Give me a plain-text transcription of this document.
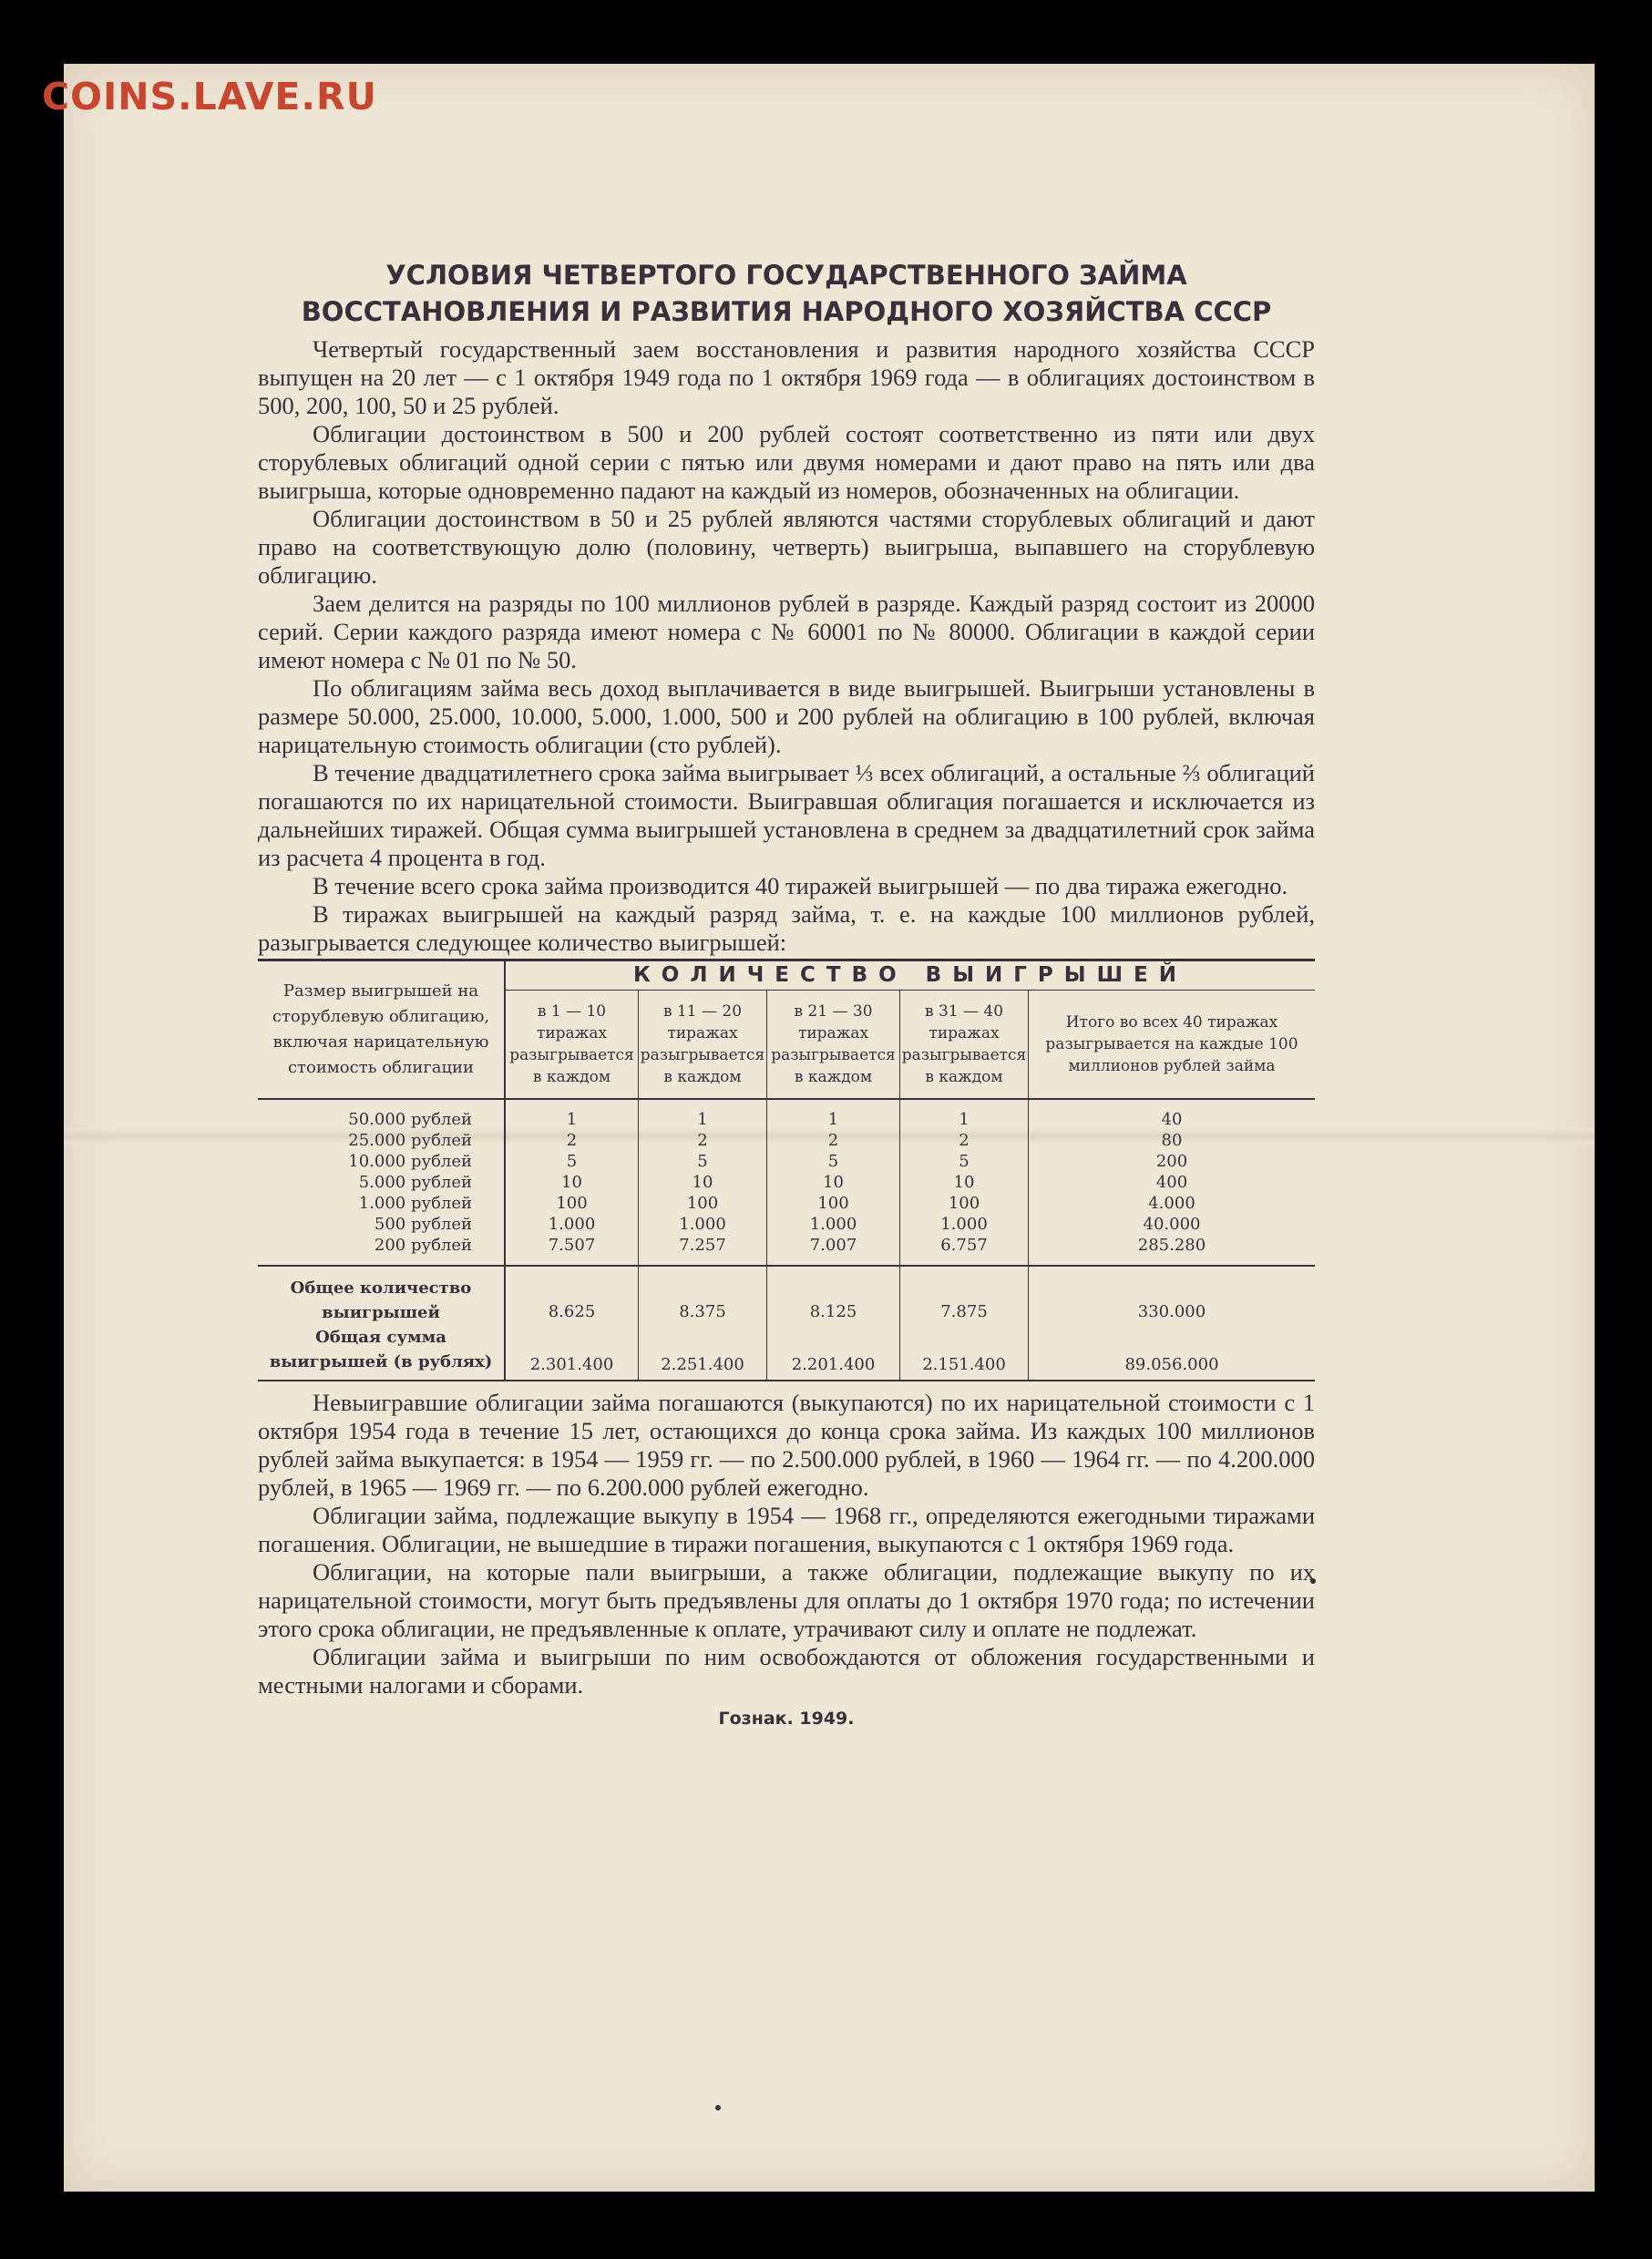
COINS.LAVE.RU
УСЛОВИЯ ЧЕТВЕРТОГО ГОСУДАРСТВЕННОГО ЗАЙМА
ВОССТАНОВЛЕНИЯ И РАЗВИТИЯ НАРОДНОГО ХОЗЯЙСТВА СССР

Четвертый государственный заем восстановления и развития народного хозяйства СССР выпущен на 20 лет — с 1 октября 1949 года по 1 октября 1969 года — в облигациях достоинством в 500, 200, 100, 50 и 25 рублей.

Облигации достоинством в 500 и 200 рублей состоят соответственно из пяти или двух сторублевых облигаций одной серии с пятью или двумя номерами и дают право на пять или два выигрыша, которые одновременно падают на каждый из номеров, обозначенных на облигации.

Облигации достоинством в 50 и 25 рублей являются частями сторублевых облигаций и дают право на соответствующую долю (половину, четверть) выигрыша, выпавшего на сторублевую облигацию.

Заем делится на разряды по 100 миллионов рублей в разряде. Каждый разряд состоит из 20000 серий. Серии каждого разряда имеют номера с № 60001 по № 80000. Облигации в каждой серии имеют номера с № 01 по № 50.

По облигациям займа весь доход выплачивается в виде выигрышей. Выигрыши установлены в размере 50.000, 25.000, 10.000, 5.000, 1.000, 500 и 200 рублей на облигацию в 100 рублей, включая нарицательную стоимость облигации (сто рублей).

В течение двадцатилетнего срока займа выигрывает ⅓ всех облигаций, а остальные ⅔ облигаций погашаются по их нарицательной стоимости. Выигравшая облигация погашается и исключается из дальнейших тиражей. Общая сумма выигрышей установлена в среднем за двадцатилетний срок займа из расчета 4 процента в год.

В течение всего срока займа производится 40 тиражей выигрышей — по два тиража ежегодно.

В тиражах выигрышей на каждый разряд займа, т. е. на каждые 100 миллионов рублей, разыгрывается следующее количество выигрышей:

Размер выигрышей на сторублевую облигацию, включая нарицательную стоимость облигации	КОЛИЧЕСТВО ВЫИГРЫШЕЙ				
	в 1 — 10 тиражах разыгрывается в каждом	в 11 — 20 тиражах разыгрывается в каждом	в 21 — 30 тиражах разыгрывается в каждом	в 31 — 40 тиражах разыгрывается в каждом	Итого во всех 40 тиражах разыгрывается на каждые 100 миллионов рублей займа
50.000 рублей	1	1	1	1	40
25.000 рублей	2	2	2	2	80
10.000 рублей	5	5	5	5	200
5.000 рублей	10	10	10	10	400
1.000 рублей	100	100	100	100	4.000
500 рублей	1.000	1.000	1.000	1.000	40.000
200 рублей	7.507	7.257	7.007	6.757	285.280
Общее количество выигрышей	8.625	8.375	8.125	7.875	330.000
Общая сумма выигрышей (в рублях)	2.301.400	2.251.400	2.201.400	2.151.400	89.056.000

Невыигравшие облигации займа погашаются (выкупаются) по их нарицательной стоимости с 1 октября 1954 года в течение 15 лет, остающихся до конца срока займа. Из каждых 100 миллионов рублей займа выкупается: в 1954 — 1959 гг. — по 2.500.000 рублей, в 1960 — 1964 гг. — по 4.200.000 рублей, в 1965 — 1969 гг. — по 6.200.000 рублей ежегодно.

Облигации займа, подлежащие выкупу в 1954 — 1968 гг., определяются ежегодными тиражами погашения. Облигации, не вышедшие в тиражи погашения, выкупаются с 1 октября 1969 года.

Облигации, на которые пали выигрыши, а также облигации, подлежащие выкупу по их нарицательной стоимости, могут быть предъявлены для оплаты до 1 октября 1970 года; по истечении этого срока облигации, не предъявленные к оплате, утрачивают силу и оплате не подлежат.

Облигации займа и выигрыши по ним освобождаются от обложения государственными и местными налогами и сборами.

Гознак. 1949.
